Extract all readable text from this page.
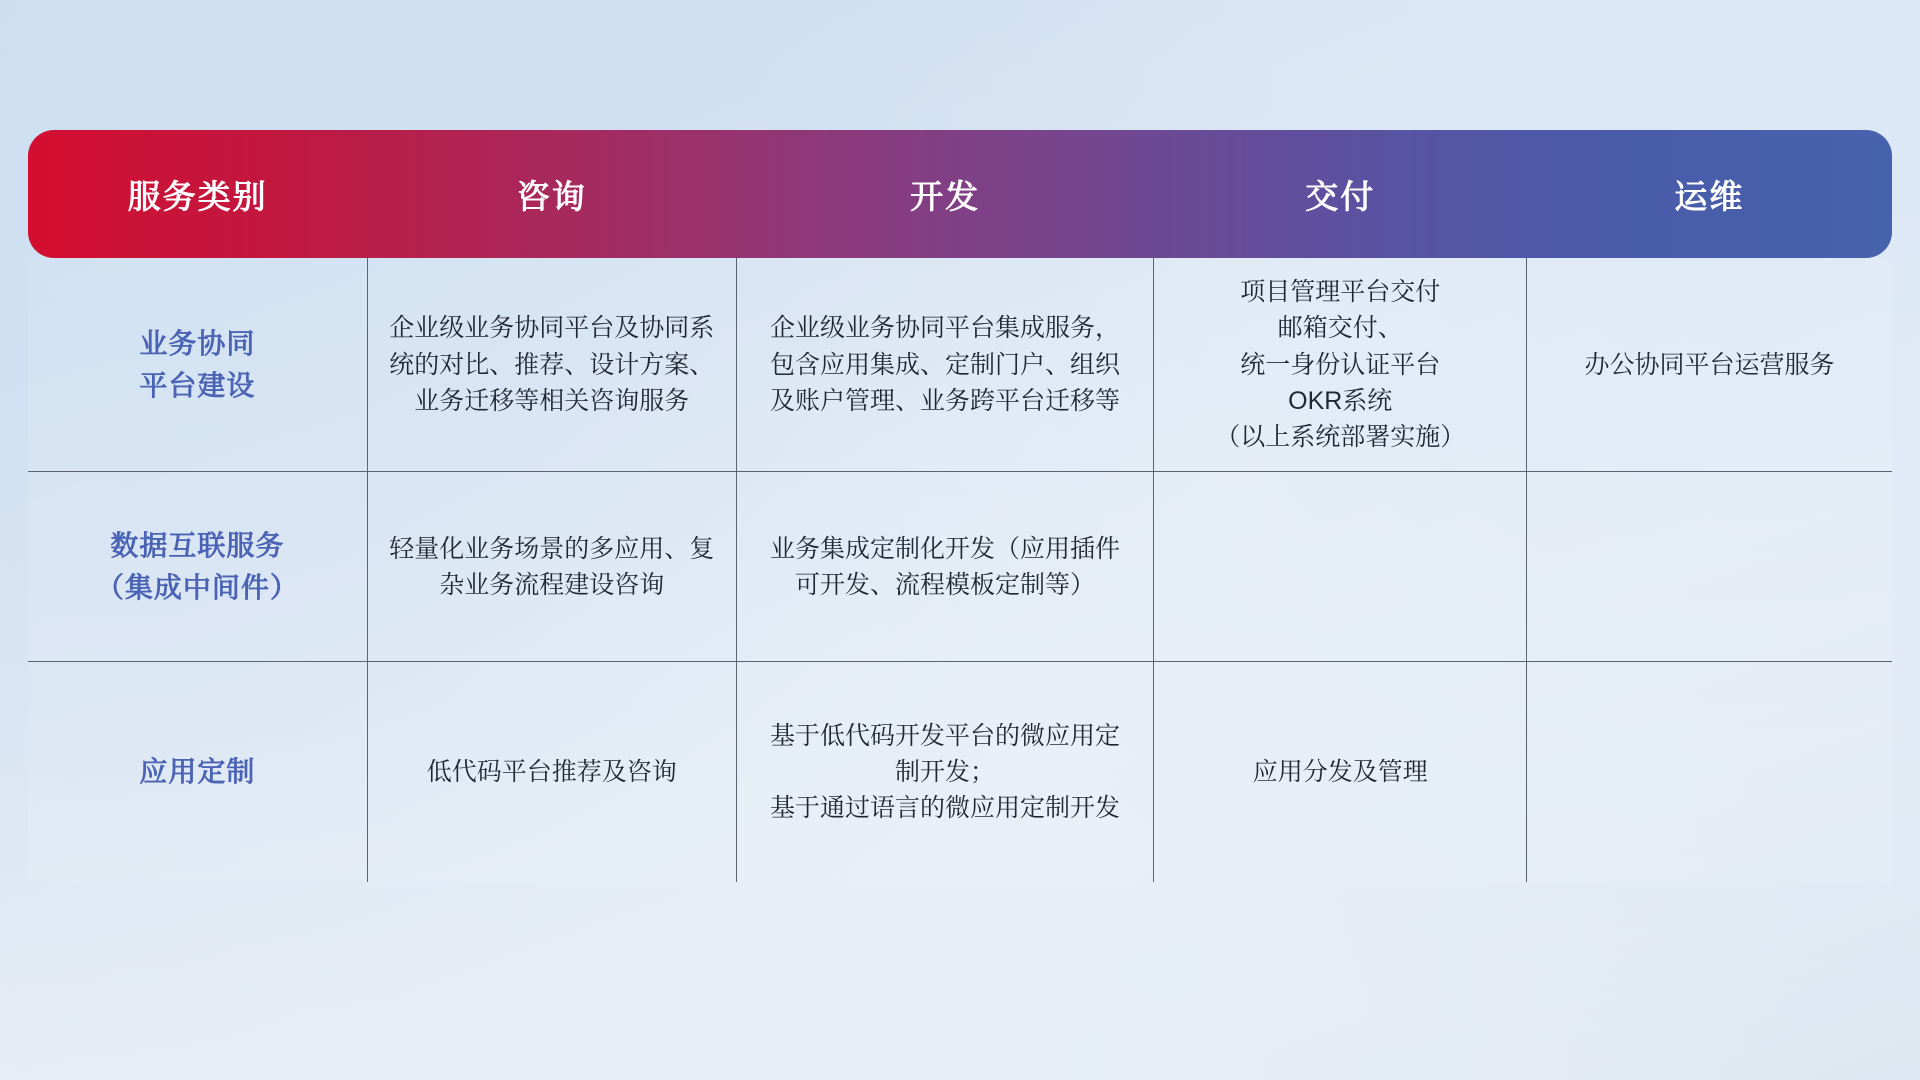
服务类别	咨询	开发	交付	运维

业务协同
平台建设	企业级业务协同平台及协同系
统的对比、推荐、设计方案、
业务迁移等相关咨询服务	企业级业务协同平台集成服务，
包含应用集成、定制门户、组织
及账户管理、业务跨平台迁移等	项目管理平台交付
邮箱交付、
统一身份认证平台
OKR系统
（以上系统部署实施）	办公协同平台运营服务

数据互联服务
（集成中间件）	轻量化业务场景的多应用、复
杂业务流程建设咨询	业务集成定制化开发（应用插件
可开发、流程模板定制等）		

应用定制	低代码平台推荐及咨询	基于低代码开发平台的微应用定
制开发；
基于通过语言的微应用定制开发	应用分发及管理	
